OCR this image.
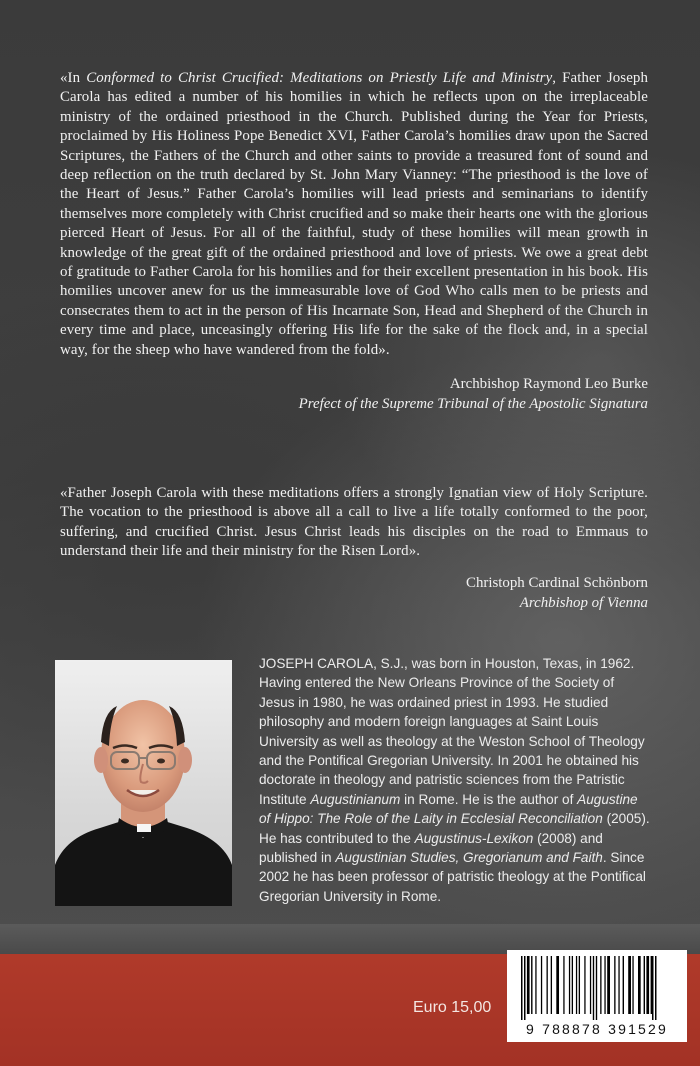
«In Conformed to Christ Crucified: Meditations on Priestly Life and Ministry, Father Joseph Carola has edited a number of his homilies in which he reflects upon on the irreplaceable ministry of the ordained priesthood in the Church. Published during the Year for Priests, proclaimed by His Holiness Pope Benedict XVI, Father Carola’s homilies draw upon the Sacred Scriptures, the Fathers of the Church and other saints to provide a treasured font of sound and deep reflection on the truth declared by St. John Mary Vianney: “The priesthood is the love of the Heart of Jesus.” Father Carola’s homilies will lead priests and seminarians to identify themselves more completely with Christ crucified and so make their hearts one with the glorious pierced Heart of Jesus. For all of the faithful, study of these homilies will mean growth in knowledge of the great gift of the ordained priesthood and love of priests. We owe a great debt of gratitude to Father Carola for his homilies and for their excellent presentation in his book. His homilies uncover anew for us the immeasurable love of God Who calls men to be priests and consecrates them to act in the person of His Incarnate Son, Head and Shepherd of the Church in every time and place, unceasingly offering His life for the sake of the flock and, in a special way, for the sheep who have wandered from the fold».

Archbishop Raymond Leo Burke
Prefect of the Supreme Tribunal of the Apostolic Signatura

«Father Joseph Carola with these meditations offers a strongly Ignatian view of Holy Scripture. The vocation to the priesthood is above all a call to live a life totally conformed to the poor, suffering, and crucified Christ. Jesus Christ leads his disciples on the road to Emmaus to understand their life and their ministry for the Risen Lord».

Christoph Cardinal Schönborn
Archbishop of Vienna

JOSEPH CAROLA, S.J., was born in Houston, Texas, in 1962. Having entered the New Orleans Province of the Society of Jesus in 1980, he was ordained priest in 1993. He studied philosophy and modern foreign languages at Saint Louis University as well as theology at the Weston School of Theology and the Pontifical Gregorian University. In 2001 he obtained his doctorate in theology and patristic sciences from the Patristic Institute Augustinianum in Rome. He is the author of Augustine of Hippo: The Role of the Laity in Ecclesial Reconciliation (2005). He has contributed to the Augustinus-Lexikon (2008) and published in Augustinian Studies, Gregorianum and Faith. Since 2002 he has been professor of patristic theology at the Pontifical Gregorian University in Rome.

Euro 15,00
9 788878 391529
